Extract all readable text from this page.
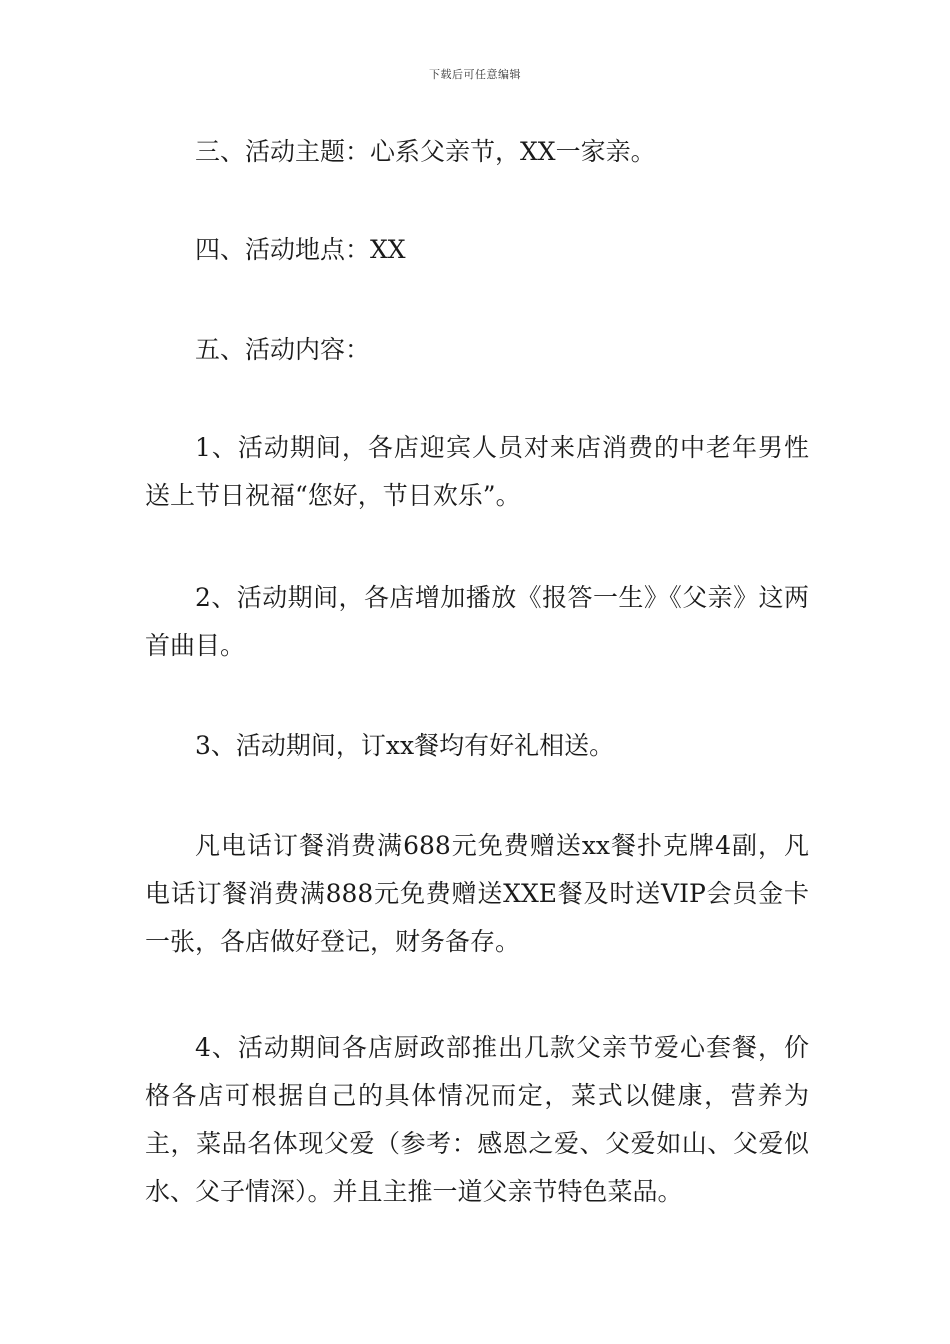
下载后可任意编辑

三、活动主题：心系父亲节，XX一家亲。

四、活动地点：XX

五、活动内容：

1、活动期间，各店迎宾人员对来店消费的中老年男性送上节日祝福“您好，节日欢乐”。

2、活动期间，各店增加播放《报答一生》《父亲》这两首曲目。

3、活动期间，订xx餐均有好礼相送。

凡电话订餐消费满688元免费赠送xx餐扑克牌4副，凡电话订餐消费满888元免费赠送XXE餐及时送VIP会员金卡一张，各店做好登记，财务备存。

4、活动期间各店厨政部推出几款父亲节爱心套餐，价格各店可根据自己的具体情况而定，菜式以健康，营养为主，菜品名体现父爱（参考：感恩之爱、父爱如山、父爱似水、父子情深）。并且主推一道父亲节特色菜品。
